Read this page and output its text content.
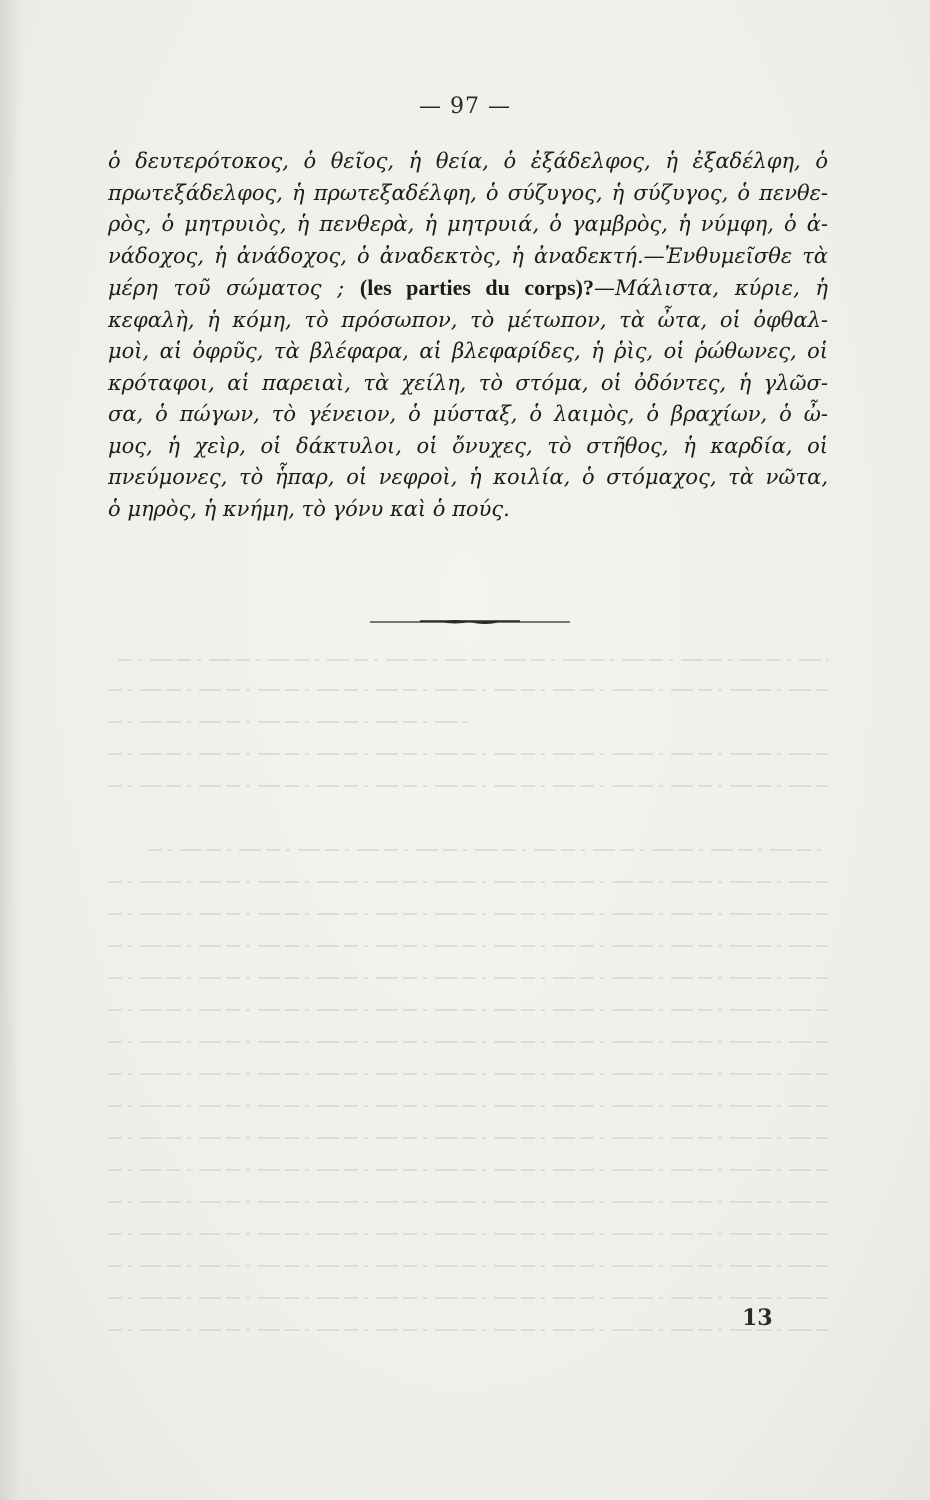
— 97 —
ὁ δευτερότοκος, ὁ θεῖος, ἡ θεία, ὁ ἐξάδελφος, ἡ ἐξαδέλφη, ὁ
πρωτεξάδελφος, ἡ πρωτεξαδέλφη, ὁ σύζυγος, ἡ σύζυγος, ὁ πενθε-
ρὸς, ὁ μητρυιὸς, ἡ πενθερὰ, ἡ μητρυιά, ὁ γαμβρὸς, ἡ νύμφη, ὁ ἀ-
νάδοχος, ἡ ἀνάδοχος, ὁ ἀναδεκτὸς, ἡ ἀναδεκτή.—Ἐνθυμεῖσθε τὰ
μέρη τοῦ σώματος ; (les parties du corps)?—Μάλιστα, κύριε, ἡ
κεφαλὴ, ἡ κόμη, τὸ πρόσωπον, τὸ μέτωπον, τὰ ὦτα, οἱ ὀφθαλ-
μοὶ, αἱ ὀφρῦς, τὰ βλέφαρα, αἱ βλεφαρίδες, ἡ ῥὶς, οἱ ῥώθωνες, οἱ
κρόταφοι, αἱ παρειαὶ, τὰ χείλη, τὸ στόμα, οἱ ὀδόντες, ἡ γλῶσ-
σα, ὁ πώγων, τὸ γένειον, ὁ μύσταξ, ὁ λαιμὸς, ὁ βραχίων, ὁ ὦ-
μος, ἡ χεὶρ, οἱ δάκτυλοι, οἱ ὄνυχες, τὸ στῆθος, ἡ καρδία, οἱ
πνεύμονες, τὸ ἧπαρ, οἱ νεφροὶ, ἡ κοιλία, ὁ στόμαχος, τὰ νῶτα,
ὁ μηρὸς, ἡ κνήμη, τὸ γόνυ καὶ ὁ πούς.
13
